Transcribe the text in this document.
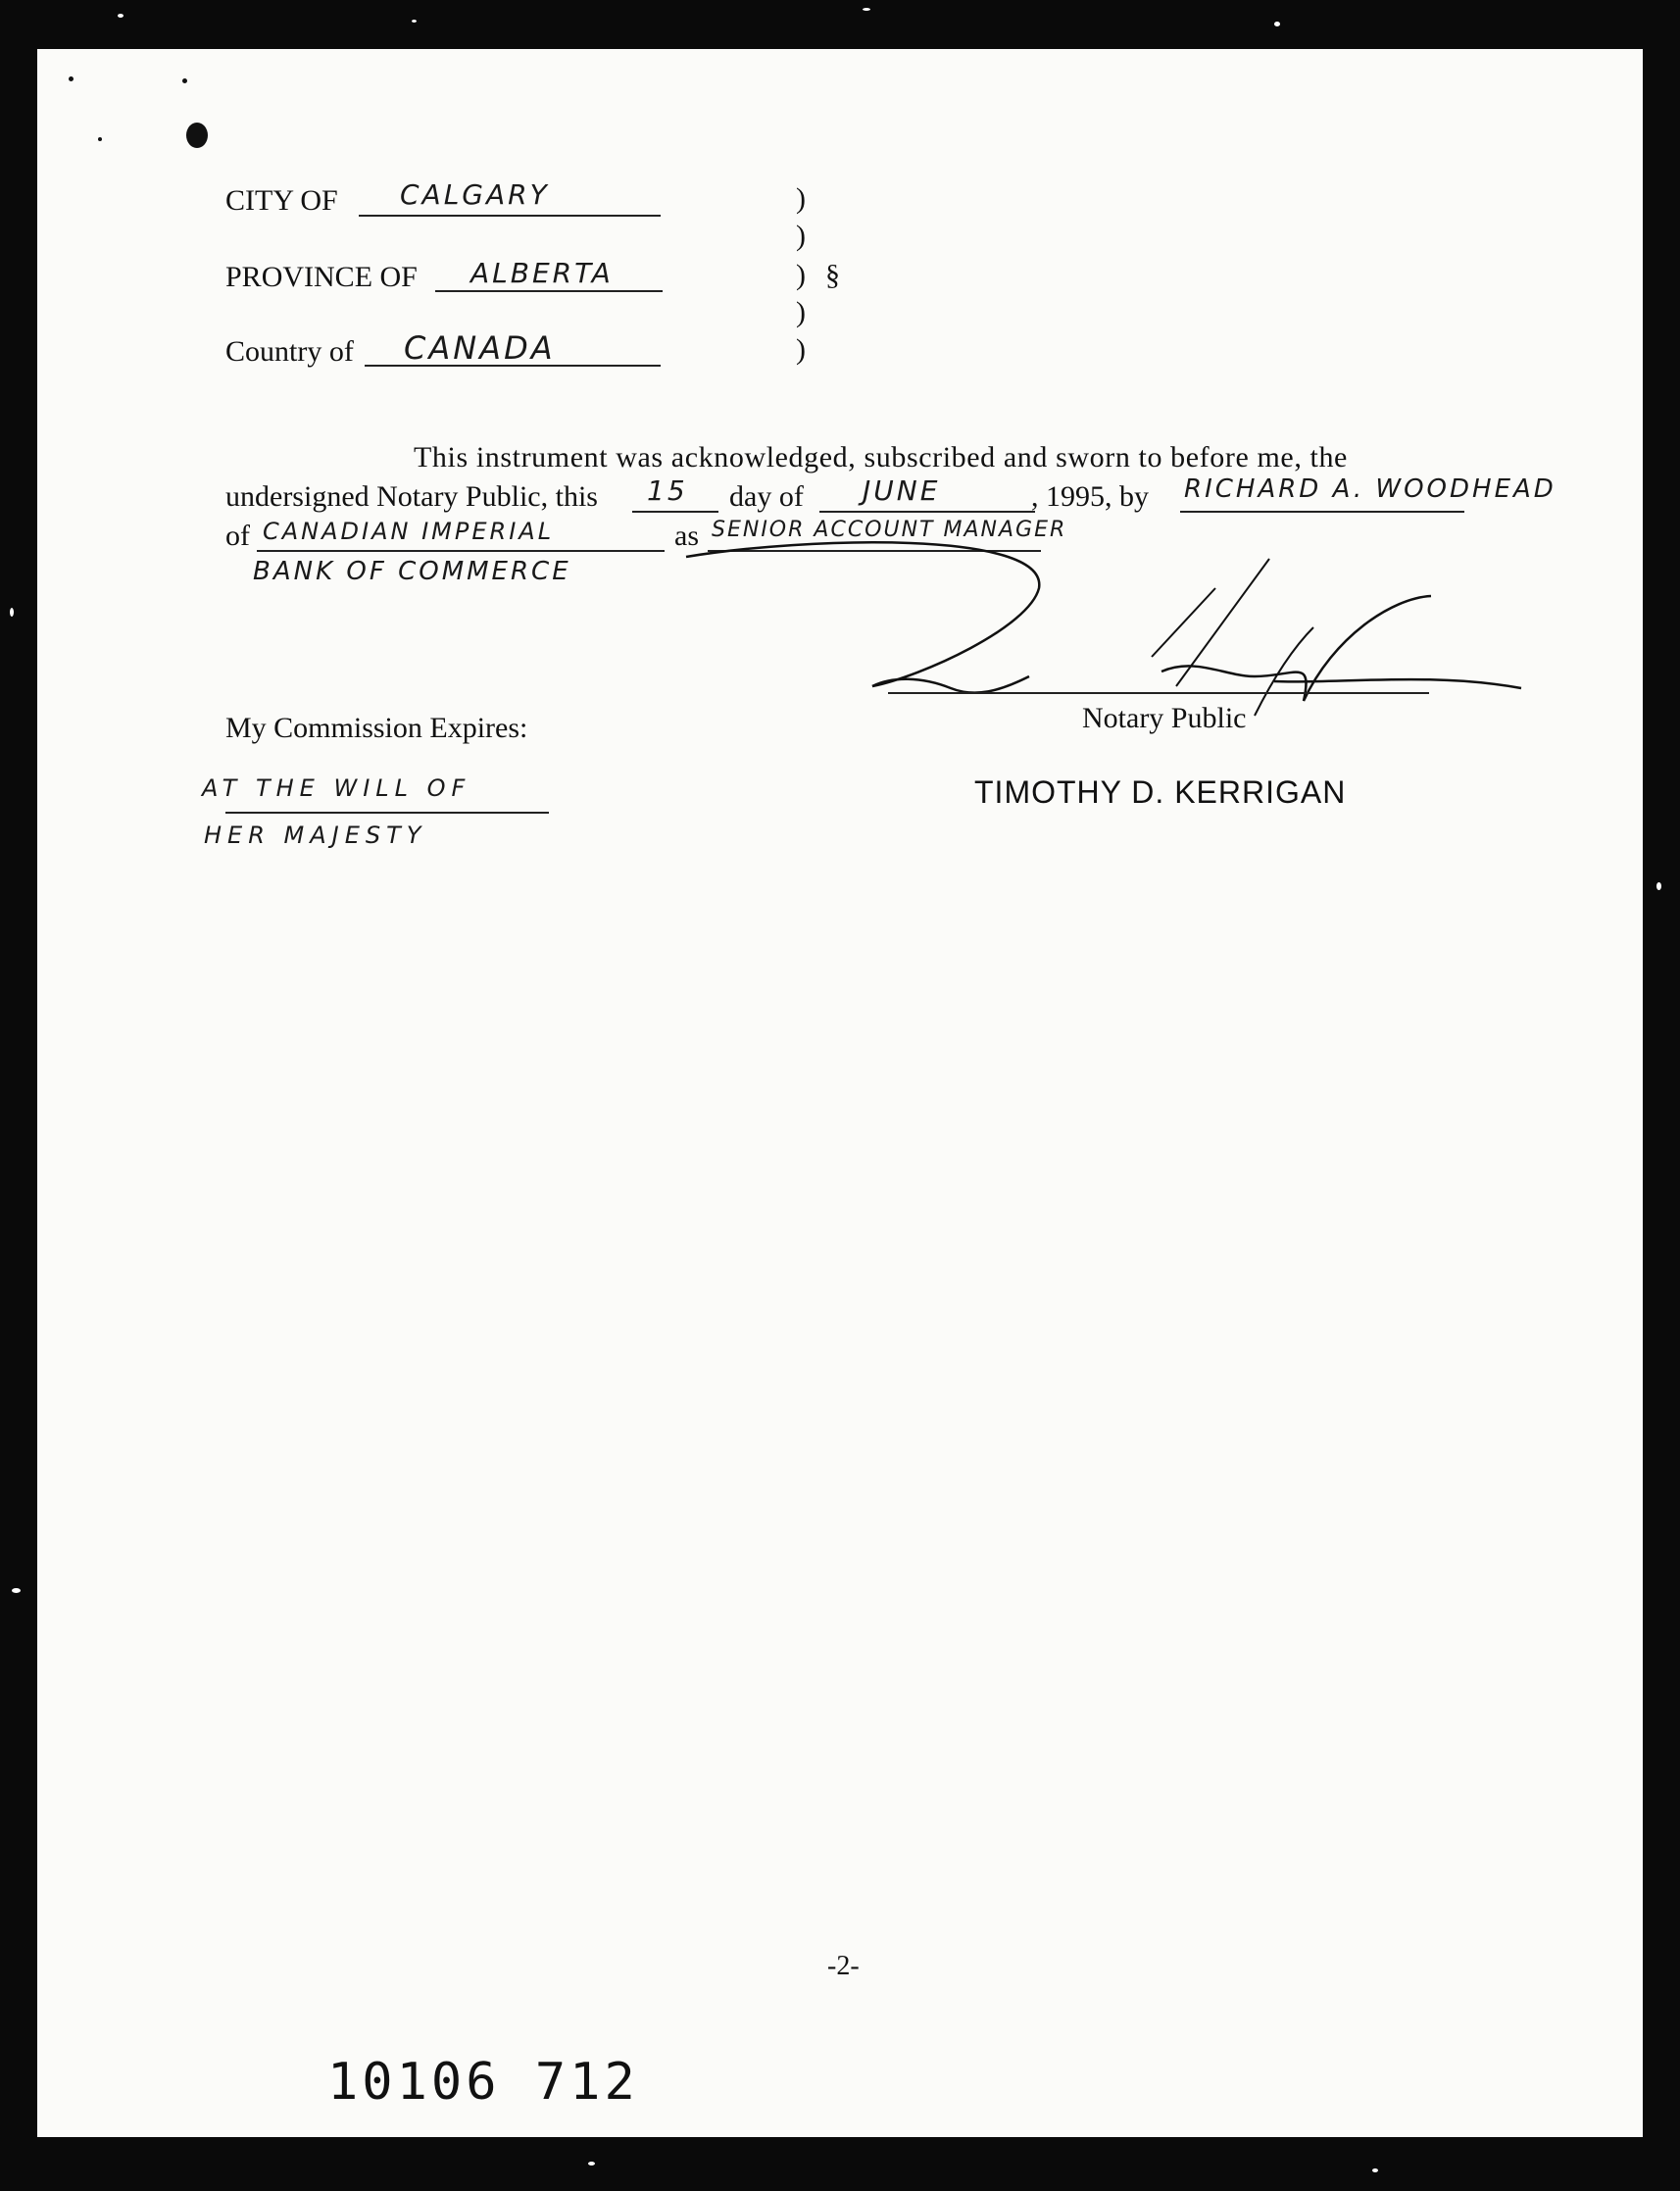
CITY OF CALGARY
PROVINCE OF ALBERTA
Country of CANADA
)
)
) §
)
)
This instrument was acknowledged, subscribed and sworn to before me, the
undersigned Notary Public, this 15 day of JUNE	, 1995, by RICHARD A. WOODHEAD
of CANADIAN IMPERIAL	as SENIOR ACCOUNT MANAGER
BANK OF COMMERCE
Notary Public
My Commission Expires:
AT THE WILL OF
HER MAJESTY
TIMOTHY D. KERRIGAN
-2-
10106 712
